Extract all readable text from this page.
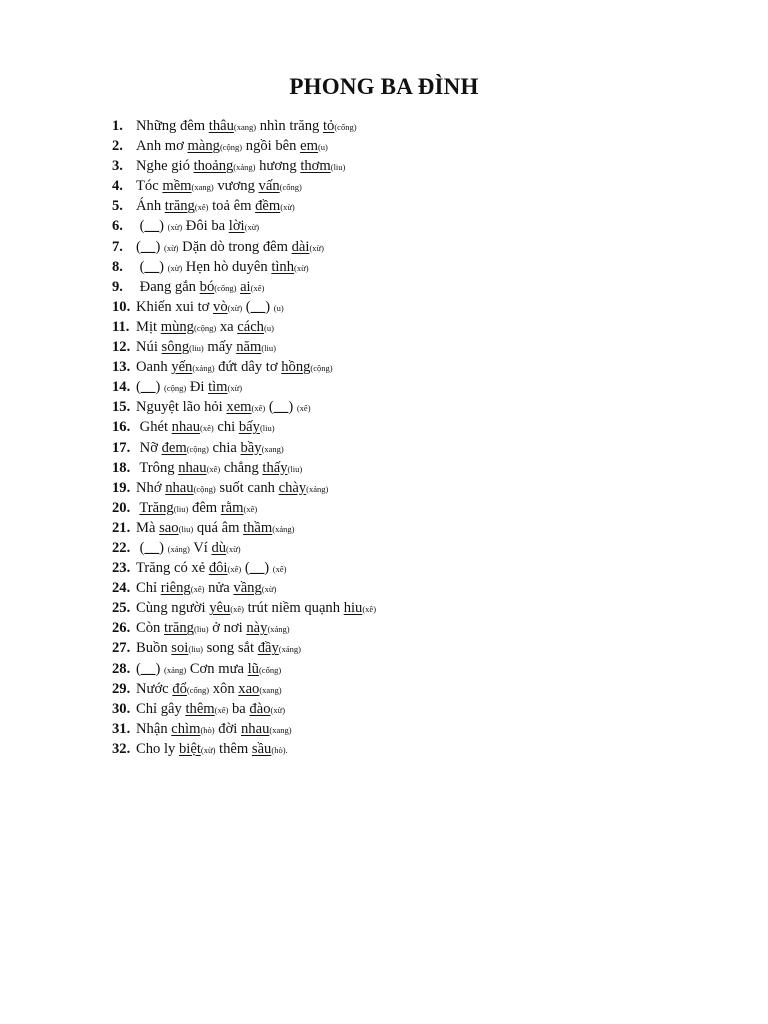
PHONG BA ĐÌNH
1. Những đêm thâu(xang) nhìn trăng tỏ(cống)
2. Anh mơ màng(cộng) ngồi bên em(u)
3. Nghe gió thoảng(xảng) hương thơm(liu)
4. Tóc mềm(xang) vương vấn(cống)
5. Ánh trăng(xê) toả êm đềm(xừ)
6. (__) (xừ) Đôi ba lời(xừ)
7. (__) (xừ) Dặn dò trong đêm dài(xừ)
8. (__) (xừ) Hẹn hò duyên tình(xừ)
9. Đang gắn bó(cống) ai(xê)
10. Khiến xui tơ vò(xừ) (__) (u)
11. Mịt mùng(cộng) xa cách(u)
12. Núi sông(liu) mấy năm(liu)
13. Oanh yến(xảng) đứt dây tơ hồng(cộng)
14. (__) (cộng) Đi tìm(xừ)
15. Nguyệt lão hỏi xem(xê) (__) (xê)
16. Ghét nhau(xê) chi bấy(liu)
17. Nỡ đem(cộng) chia bầy(xang)
18. Trông nhau(xê) chẳng thấy(liu)
19. Nhớ nhau(cộng) suốt canh chày(xảng)
20. Trăng(liu) đêm rằm(xê)
21. Mà sao(liu) quá âm thầm(xảng)
22. (__) (xảng) Ví dù(xừ)
23. Trăng có xẻ đôi(xê) (__) (xê)
24. Chỉ riêng(xê) nửa vầng(xừ)
25. Cùng người yêu(xê) trút niềm quạnh hiu(xê)
26. Còn trăng(liu) ở nơi này(xảng)
27. Buồn soi(liu) song sắt đầy(xảng)
28. (__) (xảng) Cơn mưa lũ(cống)
29. Nước đổ(cống) xôn xao(xang)
30. Chỉ gây thêm(xê) ba đào(xừ)
31. Nhận chìm(hò) đời nhau(xang)
32. Cho ly biệt(xừ) thêm sầu(hò).
